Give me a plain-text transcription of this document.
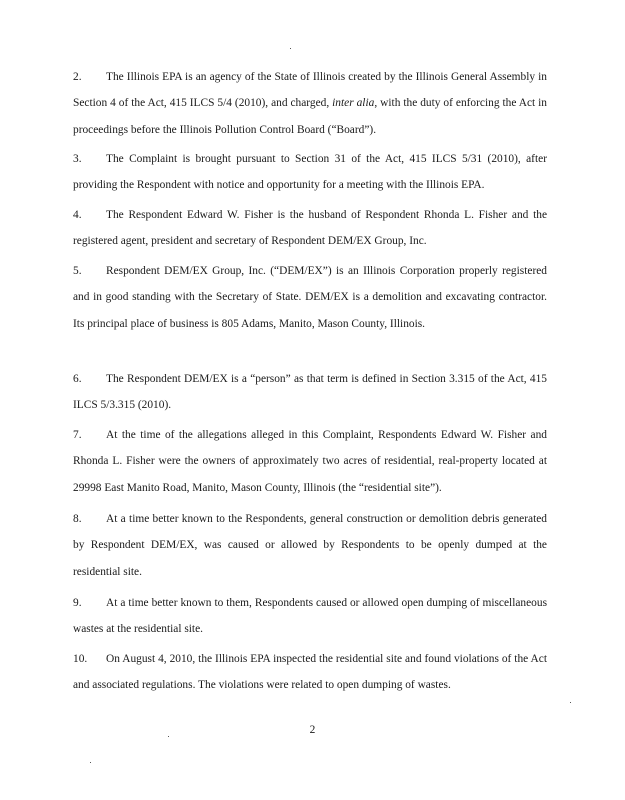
2. The Illinois EPA is an agency of the State of Illinois created by the Illinois General Assembly in Section 4 of the Act, 415 ILCS 5/4 (2010), and charged, inter alia, with the duty of enforcing the Act in proceedings before the Illinois Pollution Control Board (“Board”).
3. The Complaint is brought pursuant to Section 31 of the Act, 415 ILCS 5/31 (2010), after providing the Respondent with notice and opportunity for a meeting with the Illinois EPA.
4. The Respondent Edward W. Fisher is the husband of Respondent Rhonda L. Fisher and the registered agent, president and secretary of Respondent DEM/EX Group, Inc.
5. Respondent DEM/EX Group, Inc. (“DEM/EX”) is an Illinois Corporation properly registered and in good standing with the Secretary of State. DEM/EX is a demolition and excavating contractor. Its principal place of business is 805 Adams, Manito, Mason County, Illinois.
6. The Respondent DEM/EX is a “person” as that term is defined in Section 3.315 of the Act, 415 ILCS 5/3.315 (2010).
7. At the time of the allegations alleged in this Complaint, Respondents Edward W. Fisher and Rhonda L. Fisher were the owners of approximately two acres of residential, real-property located at 29998 East Manito Road, Manito, Mason County, Illinois (the “residential site”).
8. At a time better known to the Respondents, general construction or demolition debris generated by Respondent DEM/EX, was caused or allowed by Respondents to be openly dumped at the residential site.
9. At a time better known to them, Respondents caused or allowed open dumping of miscellaneous wastes at the residential site.
10. On August 4, 2010, the Illinois EPA inspected the residential site and found violations of the Act and associated regulations. The violations were related to open dumping of wastes.
2
